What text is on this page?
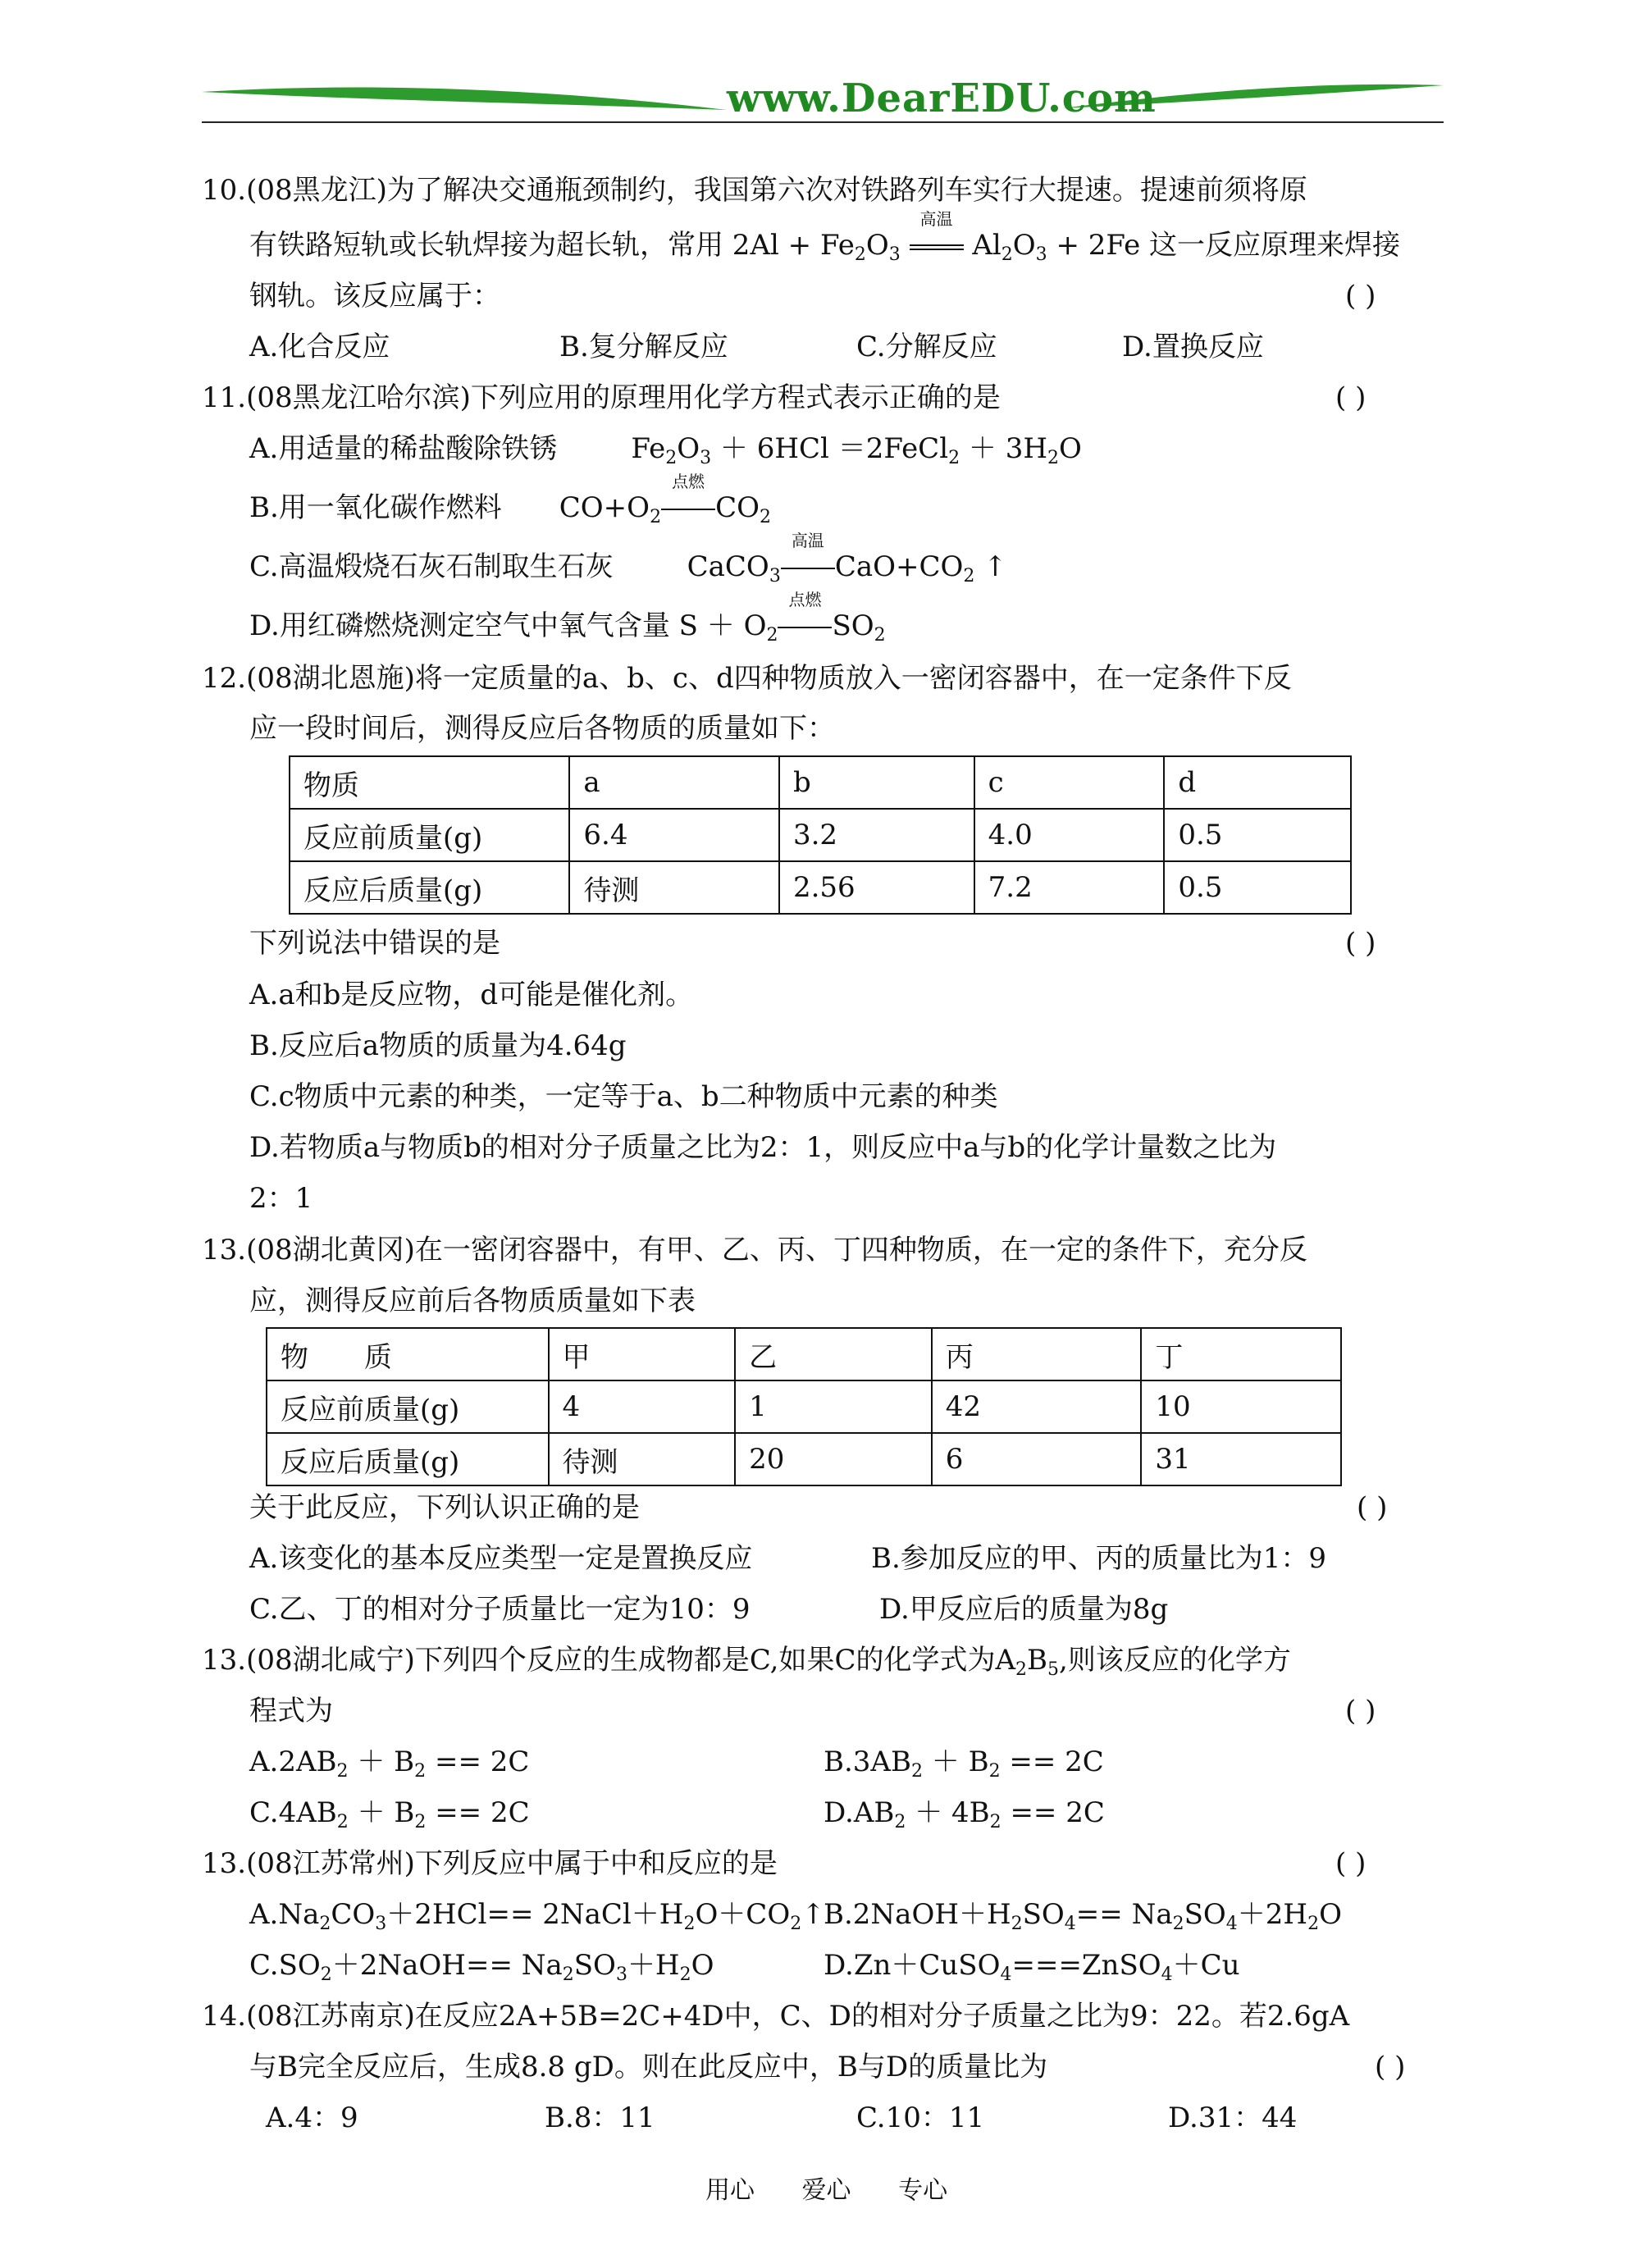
www.DearEDU.com
10.(08黑龙江)为了解决交通瓶颈制约，我国第六次对铁路列车实行大提速。提速前须将原
有铁路短轨或长轨焊接为超长轨，常用 $2Al + Fe_2O_3$
高温
$Al_2O_3 + 2Fe$ 这一反应原理来焊接
钢轨。该反应属于：	( )
A.化合反应	B.复分解反应	C.分解反应	D.置换反应
11.(08黑龙江哈尔滨)下列应用的原理用化学方程式表示正确的是	( )
A.用适量的稀盐酸除铁锈	$Fe_2O_3 + 6HCl$ ＝2FeCl$_2$ ＋ $3H_2O$
B.用一氧化碳作燃料 $CO+O_2$
点燃
$CO_2$
C.高温煅烧石灰石制取生石灰	CaCO$_3$
高温
$CaO+CO_2$ ↑
D.用红磷燃烧测定空气中氧气含量 $S + O_2$
点燃
$SO_2$
12.(08湖北恩施)将一定质量的a、b、c、d四种物质放入一密闭容器中，在一定条件下反
应一段时间后，测得反应后各物质的质量如下：
物质	a	b	c	d
反应前质量(g)	6.4	3.2	4.0	0.5
反应后质量(g)	待测	2.56	7.2	0.5
下列说法中错误的是	( )
A.a和b是反应物，d可能是催化剂。
B.反应后a物质的质量为4.64g
C.c物质中元素的种类，一定等于a、b二种物质中元素的种类
D.若物质a与物质b的相对分子质量之比为2：1，则反应中a与b的化学计量数之比为
2：1
13.(08湖北黄冈)在一密闭容器中，有甲、乙、丙、丁四种物质，在一定的条件下，充分反
应，测得反应前后各物质质量如下表
物　　质	甲	乙	丙	丁
反应前质量(g)	4	1	42	10
反应后质量(g)	待测	20	6	31
关于此反应，下列认识正确的是	( )
A.该变化的基本反应类型一定是置换反应	B.参加反应的甲、丙的质量比为1：9
C.乙、丁的相对分子质量比一定为10：9	D.甲反应后的质量为8g
13.(08湖北咸宁)下列四个反应的生成物都是C,如果C的化学式为$A_2B_5$,则该反应的化学方
程式为	( )
$A.2AB_2 + B_2 == 2C$	$B.3AB_2 + B_2 == 2C$
$C.4AB_2 + B_2 == 2C$	$D.AB_2 + 4B_2 == 2C$
13.(08江苏常州)下列反应中属于中和反应的是	( )
$A.Na_2CO_3+2HCl==$ $2NaCl+H_2O+CO_2↑$
$B.2NaOH+H_2SO_4== Na_2SO_4+2H_2O$
$C.SO_2+2NaOH== Na_2SO_3+H_2O$	D.Zn＋CuSO$_4$===ZnSO$_4$＋Cu
14.(08江苏南京)在反应2A+5B=2C+4D中，C、D的相对分子质量之比为9：22。若2.6gA
与B完全反应后，生成8.8 gD。则在此反应中，B与D的质量比为	( )
A.4：9	B.8：11	C.10：11	D.31：44
用心 爱心 专心
